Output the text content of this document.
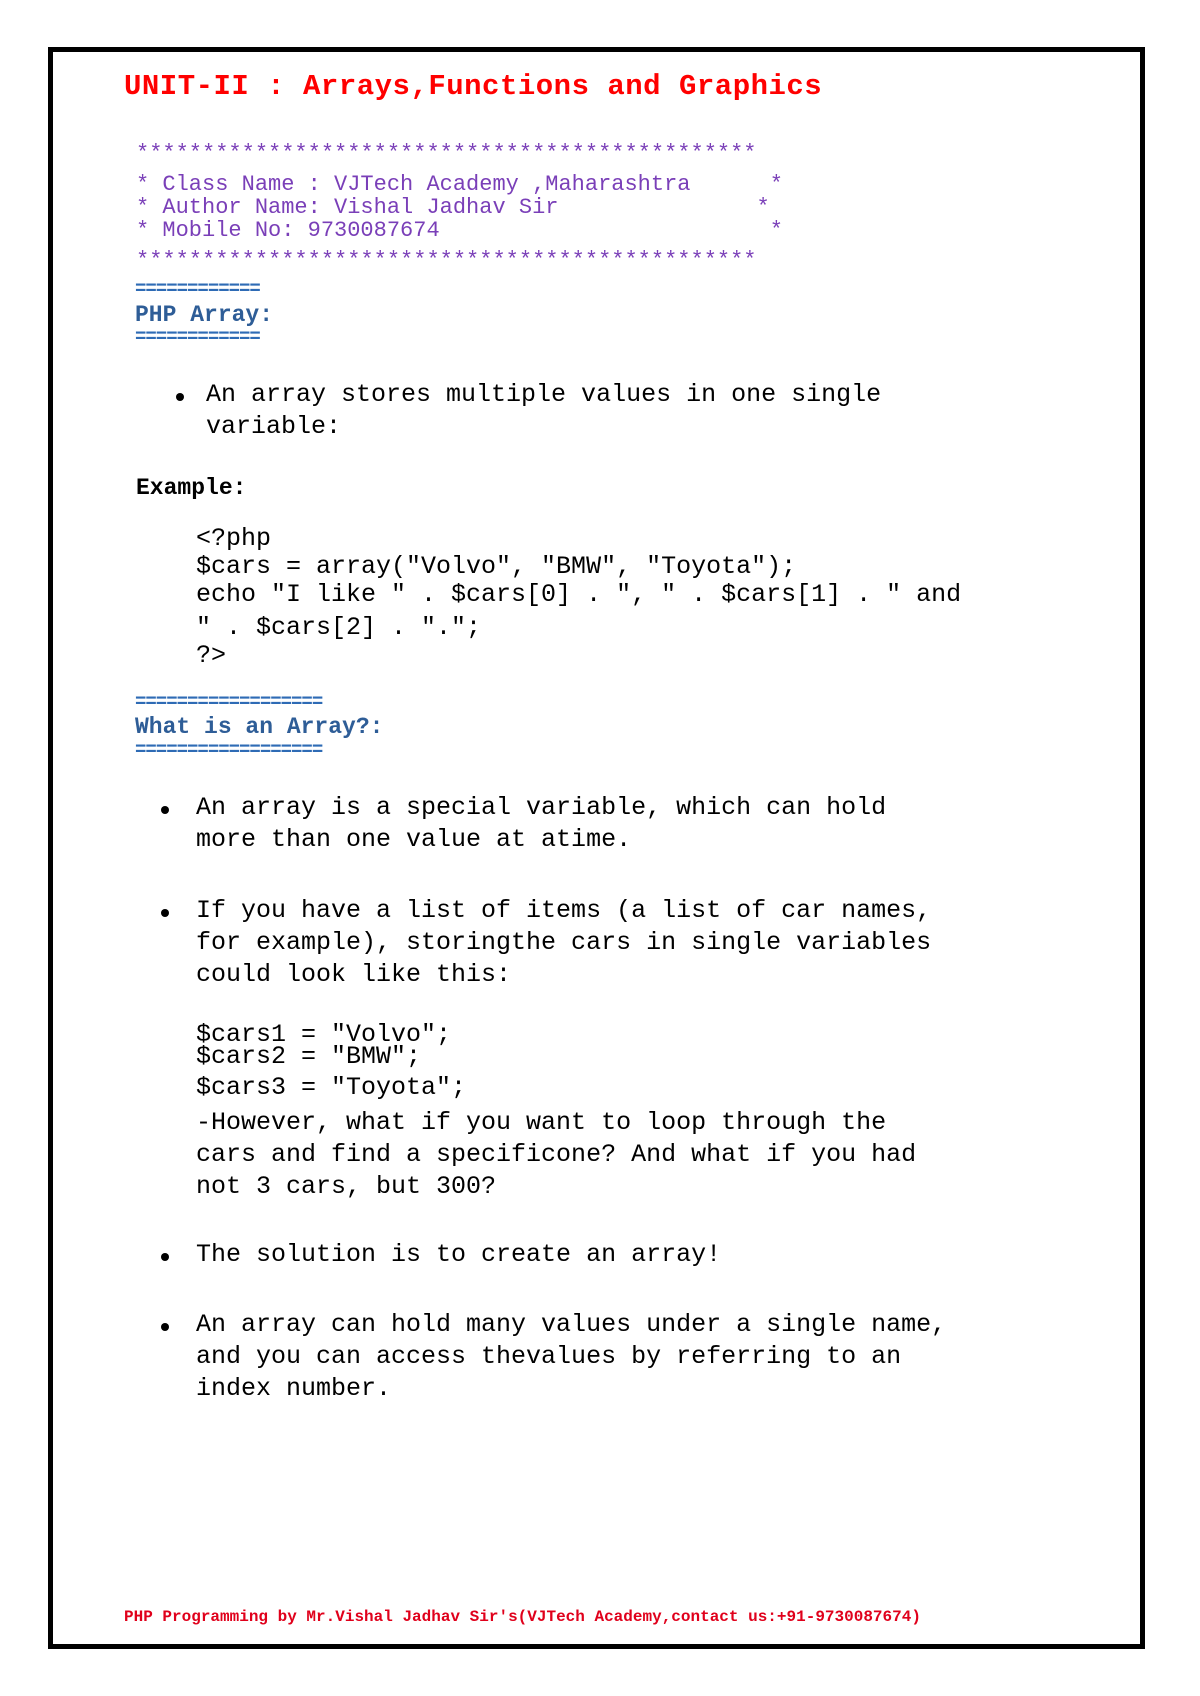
UNIT-II : Arrays,Functions and Graphics
***********************************************
* Class Name : VJTech Academy ,Maharashtra      *
* Author Name: Vishal Jadhav Sir               *
* Mobile No: 9730087674                         *
***********************************************
============
PHP Array:
============
An array stores multiple values in one single
variable:
Example:
<?php
$cars = array("Volvo", "BMW", "Toyota");
echo "I like " . $cars[0] . ", " . $cars[1] . " and
" . $cars[2] . ".";
?>
==================
What is an Array?:
==================
An array is a special variable, which can hold
more than one value at atime.
If you have a list of items (a list of car names,
for example), storingthe cars in single variables
could look like this:
$cars1 = "Volvo";
$cars2 = "BMW";
$cars3 = "Toyota";
-However, what if you want to loop through the
cars and find a specificone? And what if you had
not 3 cars, but 300?
The solution is to create an array!
An array can hold many values under a single name,
and you can access thevalues by referring to an
index number.
PHP Programming by Mr.Vishal Jadhav Sir's(VJTech Academy,contact us:+91-9730087674)
